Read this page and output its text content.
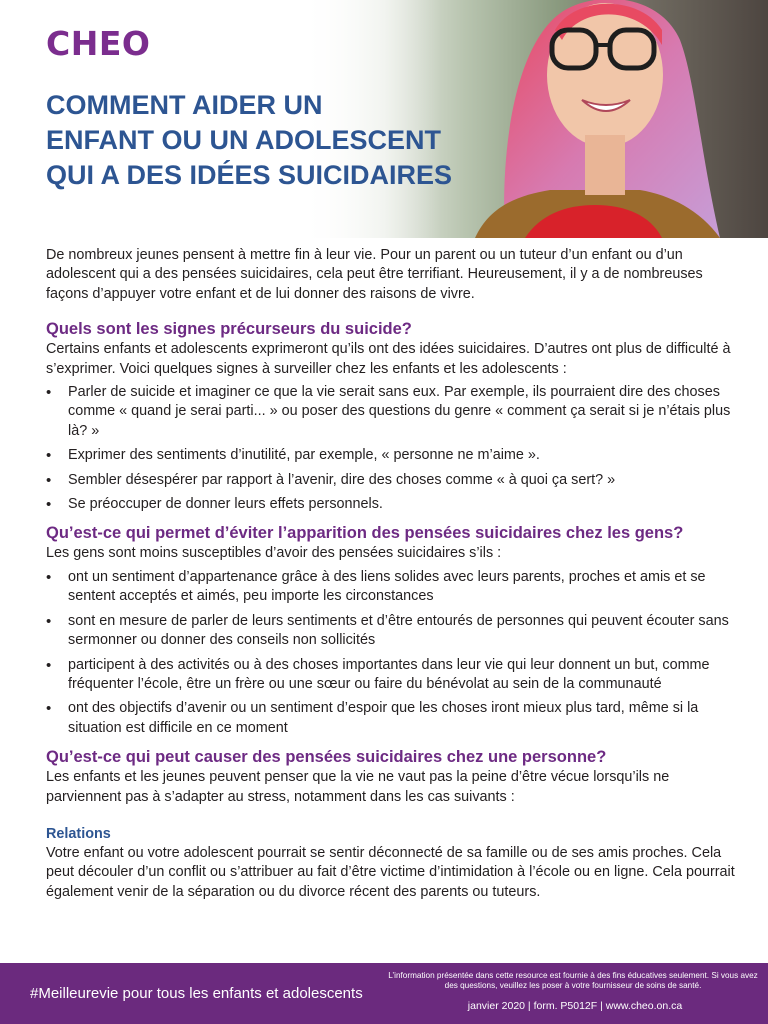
CHEO
COMMENT AIDER UN
ENFANT OU UN ADOLESCENT
QUI A DES IDÉES SUICIDAIRES

De nombreux jeunes pensent à mettre fin à leur vie. Pour un parent ou un tuteur d’un enfant ou d’un adolescent qui a des pensées suicidaires, cela peut être terrifiant. Heureusement, il y a de nombreuses façons d’appuyer votre enfant et de lui donner des raisons de vivre.

Quels sont les signes précurseurs du suicide?

Certains enfants et adolescents exprimeront qu’ils ont des idées suicidaires. D’autres ont plus de difficulté à s’exprimer. Voici quelques signes à surveiller chez les enfants et les adolescents :

• Parler de suicide et imaginer ce que la vie serait sans eux. Par exemple, ils pourraient dire des choses comme « quand je serai parti... » ou poser des questions du genre « comment ça serait si je n’étais plus là? »
• Exprimer des sentiments d’inutilité, par exemple, « personne ne m’aime ».
• Sembler désespérer par rapport à l’avenir, dire des choses comme « à quoi ça sert? »
• Se préoccuper de donner leurs effets personnels.
Qu’est-ce qui permet d’éviter l’apparition des pensées suicidaires chez les gens?

Les gens sont moins susceptibles d’avoir des pensées suicidaires s’ils :

• ont un sentiment d’appartenance grâce à des liens solides avec leurs parents, proches et amis et se sentent acceptés et aimés, peu importe les circonstances
• sont en mesure de parler de leurs sentiments et d’être entourés de personnes qui peuvent écouter sans sermonner ou donner des conseils non sollicités
• participent à des activités ou à des choses importantes dans leur vie qui leur donnent un but, comme fréquenter l’école, être un frère ou une sœur ou faire du bénévolat au sein de la communauté
• ont des objectifs d’avenir ou un sentiment d’espoir que les choses iront mieux plus tard, même si la situation est difficile en ce moment
Qu’est-ce qui peut causer des pensées suicidaires chez une personne?

Les enfants et les jeunes peuvent penser que la vie ne vaut pas la peine d’être vécue lorsqu’ils ne parviennent pas à s’adapter au stress, notamment dans les cas suivants :

Relations

Votre enfant ou votre adolescent pourrait se sentir déconnecté de sa famille ou de ses amis proches. Cela peut découler d’un conflit ou s’attribuer au fait d’être victime d’intimidation à l’école ou en ligne. Cela pourrait également venir de la séparation ou du divorce récent des parents ou tuteurs.

#Meilleurevie pour tous les enfants et adolescents
L’information présentée dans cette resource est fournie à des fins éducatives seulement. Si vous avez des questions, veuillez les poser à votre fournisseur de soins de santé.
janvier 2020 | form. P5012F | www.cheo.on.ca
